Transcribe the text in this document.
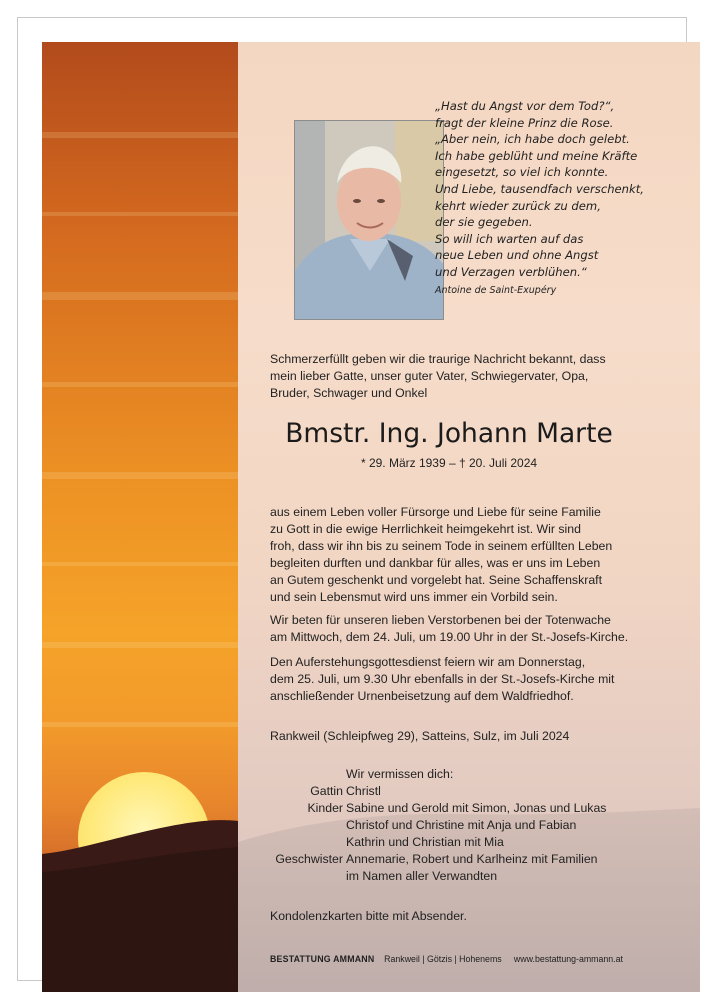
„Hast du Angst vor dem Tod?“,
fragt der kleine Prinz die Rose.
„Aber nein, ich habe doch gelebt.
Ich habe geblüht und meine Kräfte
eingesetzt, so viel ich konnte.
Und Liebe, tausendfach verschenkt,
kehrt wieder zurück zu dem,
der sie gegeben.
So will ich warten auf das
neue Leben und ohne Angst
und Verzagen verblühen.“
Antoine de Saint-Exupéry
Schmerzerfüllt geben wir die traurige Nachricht bekannt, dass
mein lieber Gatte, unser guter Vater, Schwiegervater, Opa,
Bruder, Schwager und Onkel
Bmstr. Ing. Johann Marte
* 29. März 1939 – † 20. Juli 2024
aus einem Leben voller Fürsorge und Liebe für seine Familie
zu Gott in die ewige Herrlichkeit heimgekehrt ist. Wir sind
froh, dass wir ihn bis zu seinem Tode in seinem erfüllten Leben
begleiten durften und dankbar für alles, was er uns im Leben
an Gutem geschenkt und vorgelebt hat. Seine Schaffenskraft
und sein Lebensmut wird uns immer ein Vorbild sein.
Wir beten für unseren lieben Verstorbenen bei der Totenwache
am Mittwoch, dem 24. Juli, um 19.00 Uhr in der St.-Josefs-Kirche.
Den Auferstehungsgottesdienst feiern wir am Donnerstag,
dem 25. Juli, um 9.30 Uhr ebenfalls in der St.-Josefs-Kirche mit
anschließender Urnenbeisetzung auf dem Waldfriedhof.
Rankweil (Schleipfweg 29), Satteins, Sulz, im Juli 2024
Wir vermissen dich:
Gattin Christl
Kinder Sabine und Gerold mit Simon, Jonas und Lukas
Christof und Christine mit Anja und Fabian
Kathrin und Christian mit Mia
Geschwister Annemarie, Robert und Karlheinz mit Familien
im Namen aller Verwandten
Kondolenzkarten bitte mit Absender.
BESTATTUNG AMMANN Rankweil | Götzis | Hohenems www.bestattung-ammann.at
